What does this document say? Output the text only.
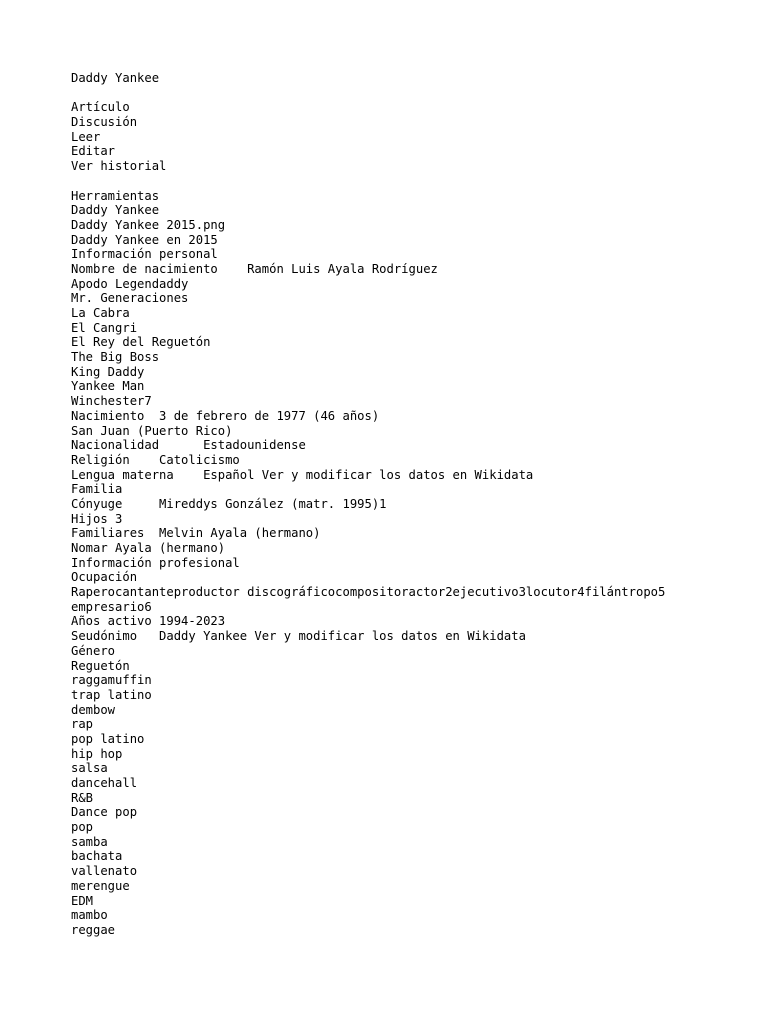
Daddy Yankee
Artículo
Discusión
Leer
Editar
Ver historial
Herramientas
Daddy Yankee
Daddy Yankee 2015.png
Daddy Yankee en 2015
Información personal
Nombre de nacimiento    Ramón Luis Ayala Rodríguez
Apodo Legendaddy
Mr. Generaciones
La Cabra
El Cangri
El Rey del Reguetón
The Big Boss
King Daddy
Yankee Man
Winchester7
Nacimiento  3 de febrero de 1977 (46 años)
San Juan (Puerto Rico)
Nacionalidad      Estadounidense
Religión    Catolicismo
Lengua materna    Español Ver y modificar los datos en Wikidata
Familia
Cónyuge     Mireddys González (matr. 1995)1
Hijos 3
Familiares  Melvin Ayala (hermano)
Nomar Ayala (hermano)
Información profesional
Ocupación
Raperocantanteproductor discográficocompositoractor2ejecutivo3locutor4filántropo5
empresario6
Años activo 1994-2023
Seudónimo   Daddy Yankee Ver y modificar los datos en Wikidata
Género
Reguetón
raggamuffin
trap latino
dembow
rap
pop latino
hip hop
salsa
dancehall
R&B
Dance pop
pop
samba
bachata
vallenato
merengue
EDM
mambo
reggae
